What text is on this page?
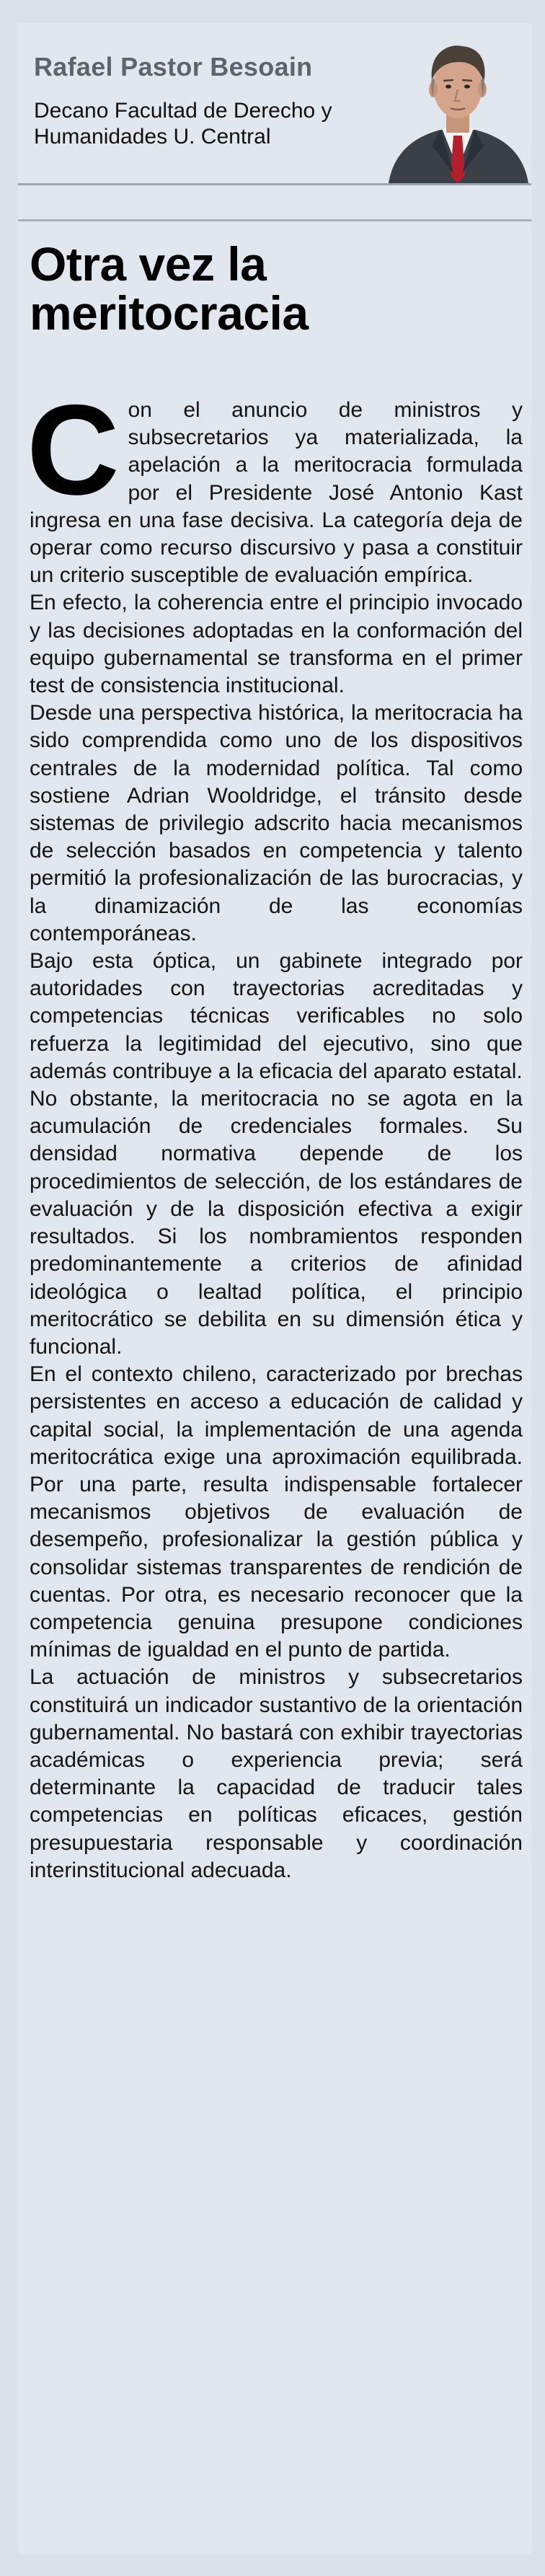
Rafael Pastor Besoain
Decano Facultad de Derecho y
Humanidades U. Central
Otra vez la
meritocracia

Con el anuncio de ministros y subsecretarios ya materializada, la apelación a la meritocracia formulada por el Presidente José Antonio Kast ingresa en una fase decisiva. La categoría deja de operar como recurso discursivo y pasa a constituir un criterio susceptible de evaluación empírica.

En efecto, la coherencia entre el principio invocado y las decisiones adoptadas en la conformación del equipo gubernamental se transforma en el primer test de consistencia institucional.

Desde una perspectiva histórica, la meritocracia ha sido comprendida como uno de los dispositivos centrales de la modernidad política. Tal como sostiene Adrian Wooldridge, el tránsito desde sistemas de privilegio adscrito hacia mecanismos de selección basados en competencia y talento permitió la profesionalización de las burocracias, y la dinamización de las economías contemporáneas.

Bajo esta óptica, un gabinete integrado por autoridades con trayectorias acreditadas y competencias técnicas verificables no solo refuerza la legitimidad del ejecutivo, sino que además contribuye a la eficacia del aparato estatal.

No obstante, la meritocracia no se agota en la acumulación de credenciales formales. Su densidad normativa depende de los procedimientos de selección, de los estándares de evaluación y de la disposición efectiva a exigir resultados. Si los nombramientos responden predominantemente a criterios de afinidad ideológica o lealtad política, el principio meritocrático se debilita en su dimensión ética y funcional.

En el contexto chileno, caracterizado por brechas persistentes en acceso a educación de calidad y capital social, la implementación de una agenda meritocrática exige una aproximación equilibrada. Por una parte, resulta indispensable fortalecer mecanismos objetivos de evaluación de desempeño, profesionalizar la gestión pública y consolidar sistemas transparentes de rendición de cuentas. Por otra, es necesario reconocer que la competencia genuina presupone condiciones mínimas de igualdad en el punto de partida.

La actuación de ministros y subsecretarios constituirá un indicador sustantivo de la orientación gubernamental. No bastará con exhibir trayectorias académicas o experiencia previa; será determinante la capacidad de traducir tales competencias en políticas eficaces, gestión presupuestaria responsable y coordinación interinstitucional adecuada.
